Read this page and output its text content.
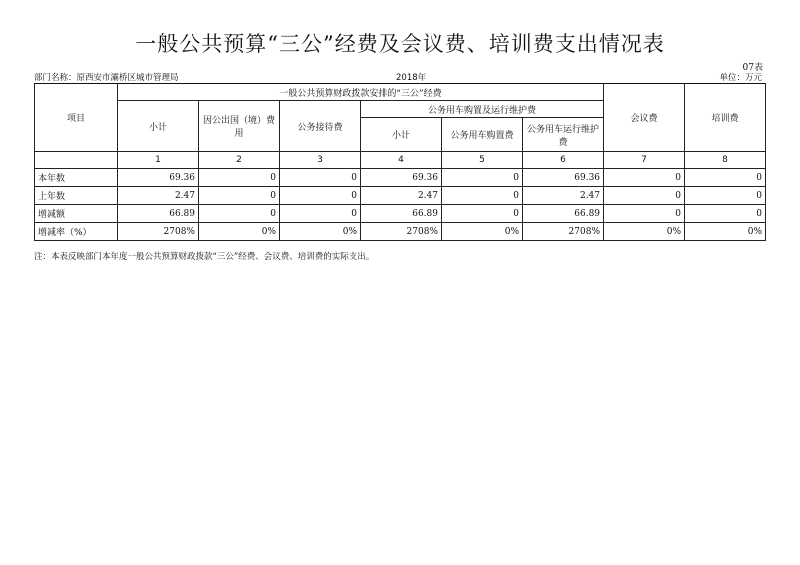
一般公共预算“三公”经费及会议费、培训费支出情况表
07表
部门名称：原西安市灞桥区城市管理局	2018年	单位：万元
项目	一般公共预算财政拨款安排的“三公”经费						会议费	培训费
	小计	因公出国（境）费用	公务接待费	公务用车购置及运行维护费				
				小计	公务用车购置费	公务用车运行维护费		
	1	2	3	4	5	6	7	8
本年数	69.36	0	0	69.36	0	69.36	0	0
上年数	2.47	0	0	2.47	0	2.47	0	0
增减额	66.89	0	0	66.89	0	66.89	0	0
增减率（%）	2708%	0%	0%	2708%	0%	2708%	0%	0%
注：本表反映部门本年度一般公共预算财政拨款“三公”经费、会议费、培训费的实际支出。
